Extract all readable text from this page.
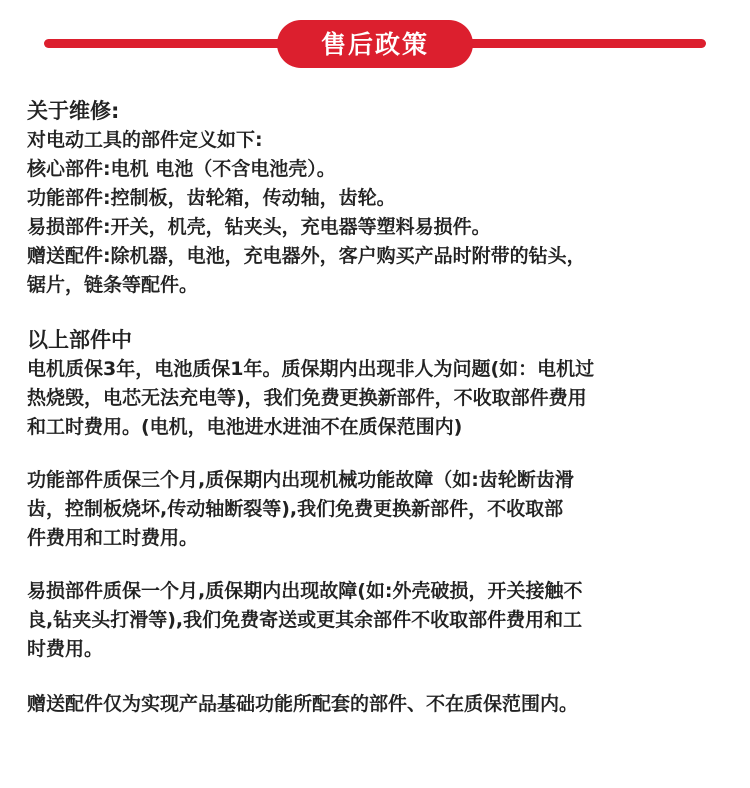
售后政策
关于维修:
对电动工具的部件定义如下:
核心部件:电机 电池（不含电池壳）。
功能部件:控制板，齿轮箱，传动轴，齿轮。
易损部件:开关，机壳，钻夹头，充电器等塑料易损件。
赠送配件:除机器，电池，充电器外，客户购买产品时附带的钻头，
锯片，链条等配件。
以上部件中
电机质保3年，电池质保1年。质保期内出现非人为问题(如：电机过
热烧毁，电芯无法充电等)，我们免费更换新部件，不收取部件费用
和工时费用。(电机，电池进水进油不在质保范围内)
功能部件质保三个月,质保期内出现机械功能故障（如:齿轮断齿滑
齿，控制板烧坏,传动轴断裂等),我们免费更换新部件，不收取部
件费用和工时费用。
易损部件质保一个月,质保期内出现故障(如:外壳破损，开关接触不
良,钻夹头打滑等),我们免费寄送或更其余部件不收取部件费用和工
时费用。
赠送配件仅为实现产品基础功能所配套的部件、不在质保范围内。
